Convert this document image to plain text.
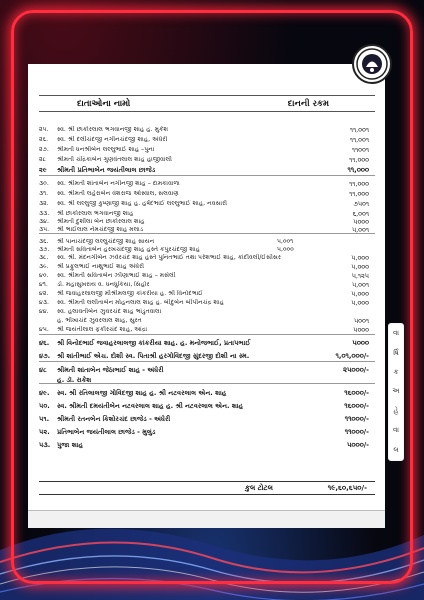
દાતાઓના નામો	દાનની રકમ
૨૫.	સ્વ. શ્રી છાકોરલાલ ભગવાનજી શાહ હ. મુકેશ	૧૧,૦૦૧
૨૬.	સ્વ. શ્રી દલીચંદજી નગીનચંદજી શાહ, અંધેરી	૧૧,૦૦૧
૨૭.	શ્રીમતી ધનશ્રીબેન લલ્લુભાઈ શાહ –પુના	૧૧૦૦૧
૨૮	શ્રીમતી ચંદ્રિકાબેન ગુણવંતલાલ શાહ હાજીવાલી	૧૧,૦૦૦
૨૯	શ્રીમતી પ્રતિભાબેન જયંતીલાલ છાજેડ	૧૧,૦૦૦
૩૦.	સ્વ. શ્રીમતી શાંતાબેન નગીનજી શાહ – દામકાવાળા	૧૧,૦૦૦
૩૧.	સ્વ. શ્રીમતી લહેરાબેન વંશરાજ ઓસ્વાલ, સલવાણ	૧૧,૦૦૦
૩૨.	સ્વ. શ્રી લલ્લુજી કુષ્ણાજી શાહ હ. હર્ષદભાઈ લલ્લુભાઈ શાહ, નવસારી	૭૫૦૧
૩૩.	શ્રી છાકોરલાલ ભગવાનજી શાહ	૬,૦૦૧
૩૪.	શ્રીમતી દુર્શીલા બેન છાકોરલાલ શાહ	૫૦૦૦
૩૫.	શ્રી ભાઈલાલ નેમચંદજી શાહ મલાડ	૫,૦૦૧
૩૬.	શ્રી પાનાચંદજી લલ્લુચંદજી શાહ સાયન	૫,૦૦૧
૩૭.	શ્રીમતી સવિતાબેન હરખચંદજી શાહ હસ્તે કપુરચંદજી શાહ	૫,૦૦૦
૩૮.	સ્વ. શ્રી. મંદનગીબેન ઝવેરચંદ શાહ હસ્તે પુનિતભાઈ તથા પરેશભાઈ શાહ, કાંદીવલી/ઈસીસર	૫,૦૦૦
૩૯.	શ્રી પ્રફુલભાઈ નાથુભાઈ શાહ અંધેરી	૫,૦૦૦
૪૦.	સ્વ. શ્રીમતી સવિતાબેન ઝીણાભાઈ શાહ – મસેલી	૫,૧૨૫
૪૧.	ડૉ. મહાસુખરાય વ. ધનધુકિયા, સિહોર	૫,૦૦૧
૪૨.	શ્રી જવાહરલાલજી મીશ્રીમલજી કાંકરીયા હ. શ્રી વિનોદભાઈ	૫,૦૦૦
૪૩.	સ્વ. શ્રીમતી લલીતાબેન મોહનલાલ શાહ હ. બીંદુબેન બીપીનચંદ્ર શાહ	૫,૦૦૦
૪૪.	સ્વ. હલાવતીબેન ઝુવરચંદ શાહ ભાંડુતવાલા
હ. ભીખાચંદ ઝુવરલાલ શાહ, સુરત	૫૦૦૧
૪૫.	શ્રી જયંતીલાલ ફકીરચંદ શાહ, આંદ્રા	૫૦૦૦
૪૬.	શ્રી વિનોદભાઈ જવાહરલાલજી કાંકરીયા શાહ. હ. મનોજભાઈ, પ્રતાપભાઈ	૫૦૦૦
૪૭.	શ્રી શાંતીભાઈ એચ. દોશી સ્વ. પિતાશ્રી હરગોવિંદજી સુંદરજી દોશી ના સ્મ.	૧,૦૧,૦૦૦/-
૪૮	શ્રીમતી શાંતાબેન જેઠાભાઈ શાહ - અંધેરી	૨૫૦૦૦/-
હ. ડૉ. રાકેશ
૪૯.	સ્વ. શ્રી રતિલાલજી ગોવિંદજી શાહ હ. શ્રી નટવરલાલ એન. શાહ	૧૬૦૦૦/-
૫૦.	સ્વ. શ્રીમતી દમયંતીબેન નટવરલાલ શાહ હ. શ્રી નટવરલાલ એન. શાહ	૧૬૦૦૦/-
૫૧.	શ્રીમતી રતનબેન કિશોરચંદ છાજેડ - અંધેરી	૧૧૦૦૦/-
૫૨.	પ્રતિભાબેન જયંતીલાલ છાજેડ - મુલુંડ	૧૧૦૦૦/-
૫૩.	પુજા શાહ	૫૦૦૦/-
કુલ ટોટલ	૧૯,૬૦,૬૫૦/-
વા
ર્ષિ
ક
અ
હે
વા
લ
